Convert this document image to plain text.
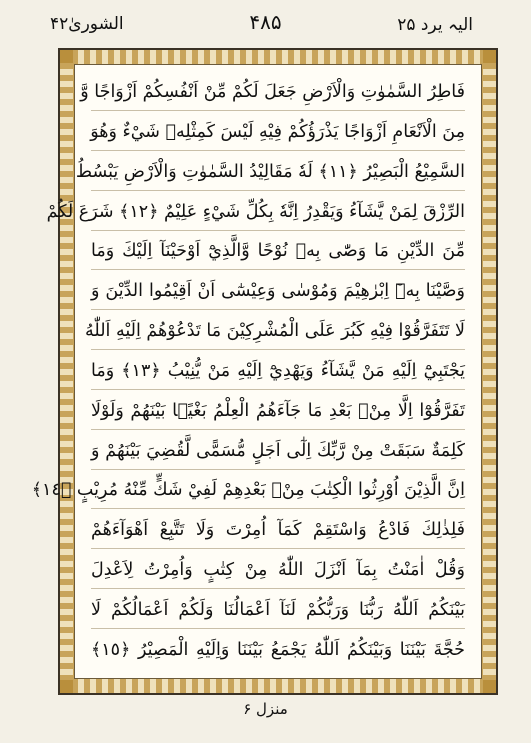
الیہ یرد ۲۵
۴۸۵
الشوریٰ۴۲
فَاطِرُ السَّمٰوٰتِ وَالْاَرْضِ جَعَلَ لَكُمْ مِّنْ اَنْفُسِكُمْ اَزْوَاجًا وَّ
مِنَ الْاَنْعَامِ اَزْوَاجًا يَذْرَؤُكُمْ فِيْهِ لَيْسَ كَمِثْلِهٖ شَيْءٌ وَهُوَ
السَّمِيْعُ الْبَصِيْرُ ﴿١١﴾ لَهٗ مَقَالِيْدُ السَّمٰوٰتِ وَالْاَرْضِ يَبْسُطُ
الرِّزْقَ لِمَنْ يَّشَآءُ وَيَقْدِرُ اِنَّهٗ بِكُلِّ شَيْءٍ عَلِيْمٌ ﴿١٢﴾ شَرَعَ لَكُمْ
مِّنَ الدِّيْنِ مَا وَصّٰى بِهٖ نُوْحًا وَّالَّذِيْٓ اَوْحَيْنَآ اِلَيْكَ وَمَا
وَصَّيْنَا بِهٖٓ اِبْرٰهِيْمَ وَمُوْسٰى وَعِيْسٰٓى اَنْ اَقِيْمُوا الدِّيْنَ وَ
لَا تَتَفَرَّقُوْا فِيْهِ كَبُرَ عَلَى الْمُشْرِكِيْنَ مَا تَدْعُوْهُمْ اِلَيْهِ اَللّٰهُ
يَجْتَبِيْٓ اِلَيْهِ مَنْ يَّشَآءُ وَيَهْدِيْٓ اِلَيْهِ مَنْ يُّنِيْبُ ﴿١٣﴾ وَمَا
تَفَرَّقُوْٓا اِلَّا مِنْۢ بَعْدِ مَا جَآءَهُمُ الْعِلْمُ بَغْيًۢا بَيْنَهُمْ وَلَوْلَا
كَلِمَةٌ سَبَقَتْ مِنْ رَّبِّكَ اِلٰٓى اَجَلٍ مُّسَمًّى لَّقُضِيَ بَيْنَهُمْ وَ
اِنَّ الَّذِيْنَ اُوْرِثُوا الْكِتٰبَ مِنْۢ بَعْدِهِمْ لَفِيْ شَكٍّ مِّنْهُ مُرِيْبٍ ﴿١٤﴾
فَلِذٰلِكَ فَادْعُ وَاسْتَقِمْ كَمَآ اُمِرْتَ وَلَا تَتَّبِعْ اَهْوَآءَهُمْ
وَقُلْ اٰمَنْتُ بِمَآ اَنْزَلَ اللّٰهُ مِنْ كِتٰبٍ وَاُمِرْتُ لِاَعْدِلَ
بَيْنَكُمُ اَللّٰهُ رَبُّنَا وَرَبُّكُمْ لَنَآ اَعْمَالُنَا وَلَكُمْ اَعْمَالُكُمْ لَا
حُجَّةَ بَيْنَنَا وَبَيْنَكُمُ اَللّٰهُ يَجْمَعُ بَيْنَنَا وَاِلَيْهِ الْمَصِيْرُ ﴿١٥﴾
منزل ۶
